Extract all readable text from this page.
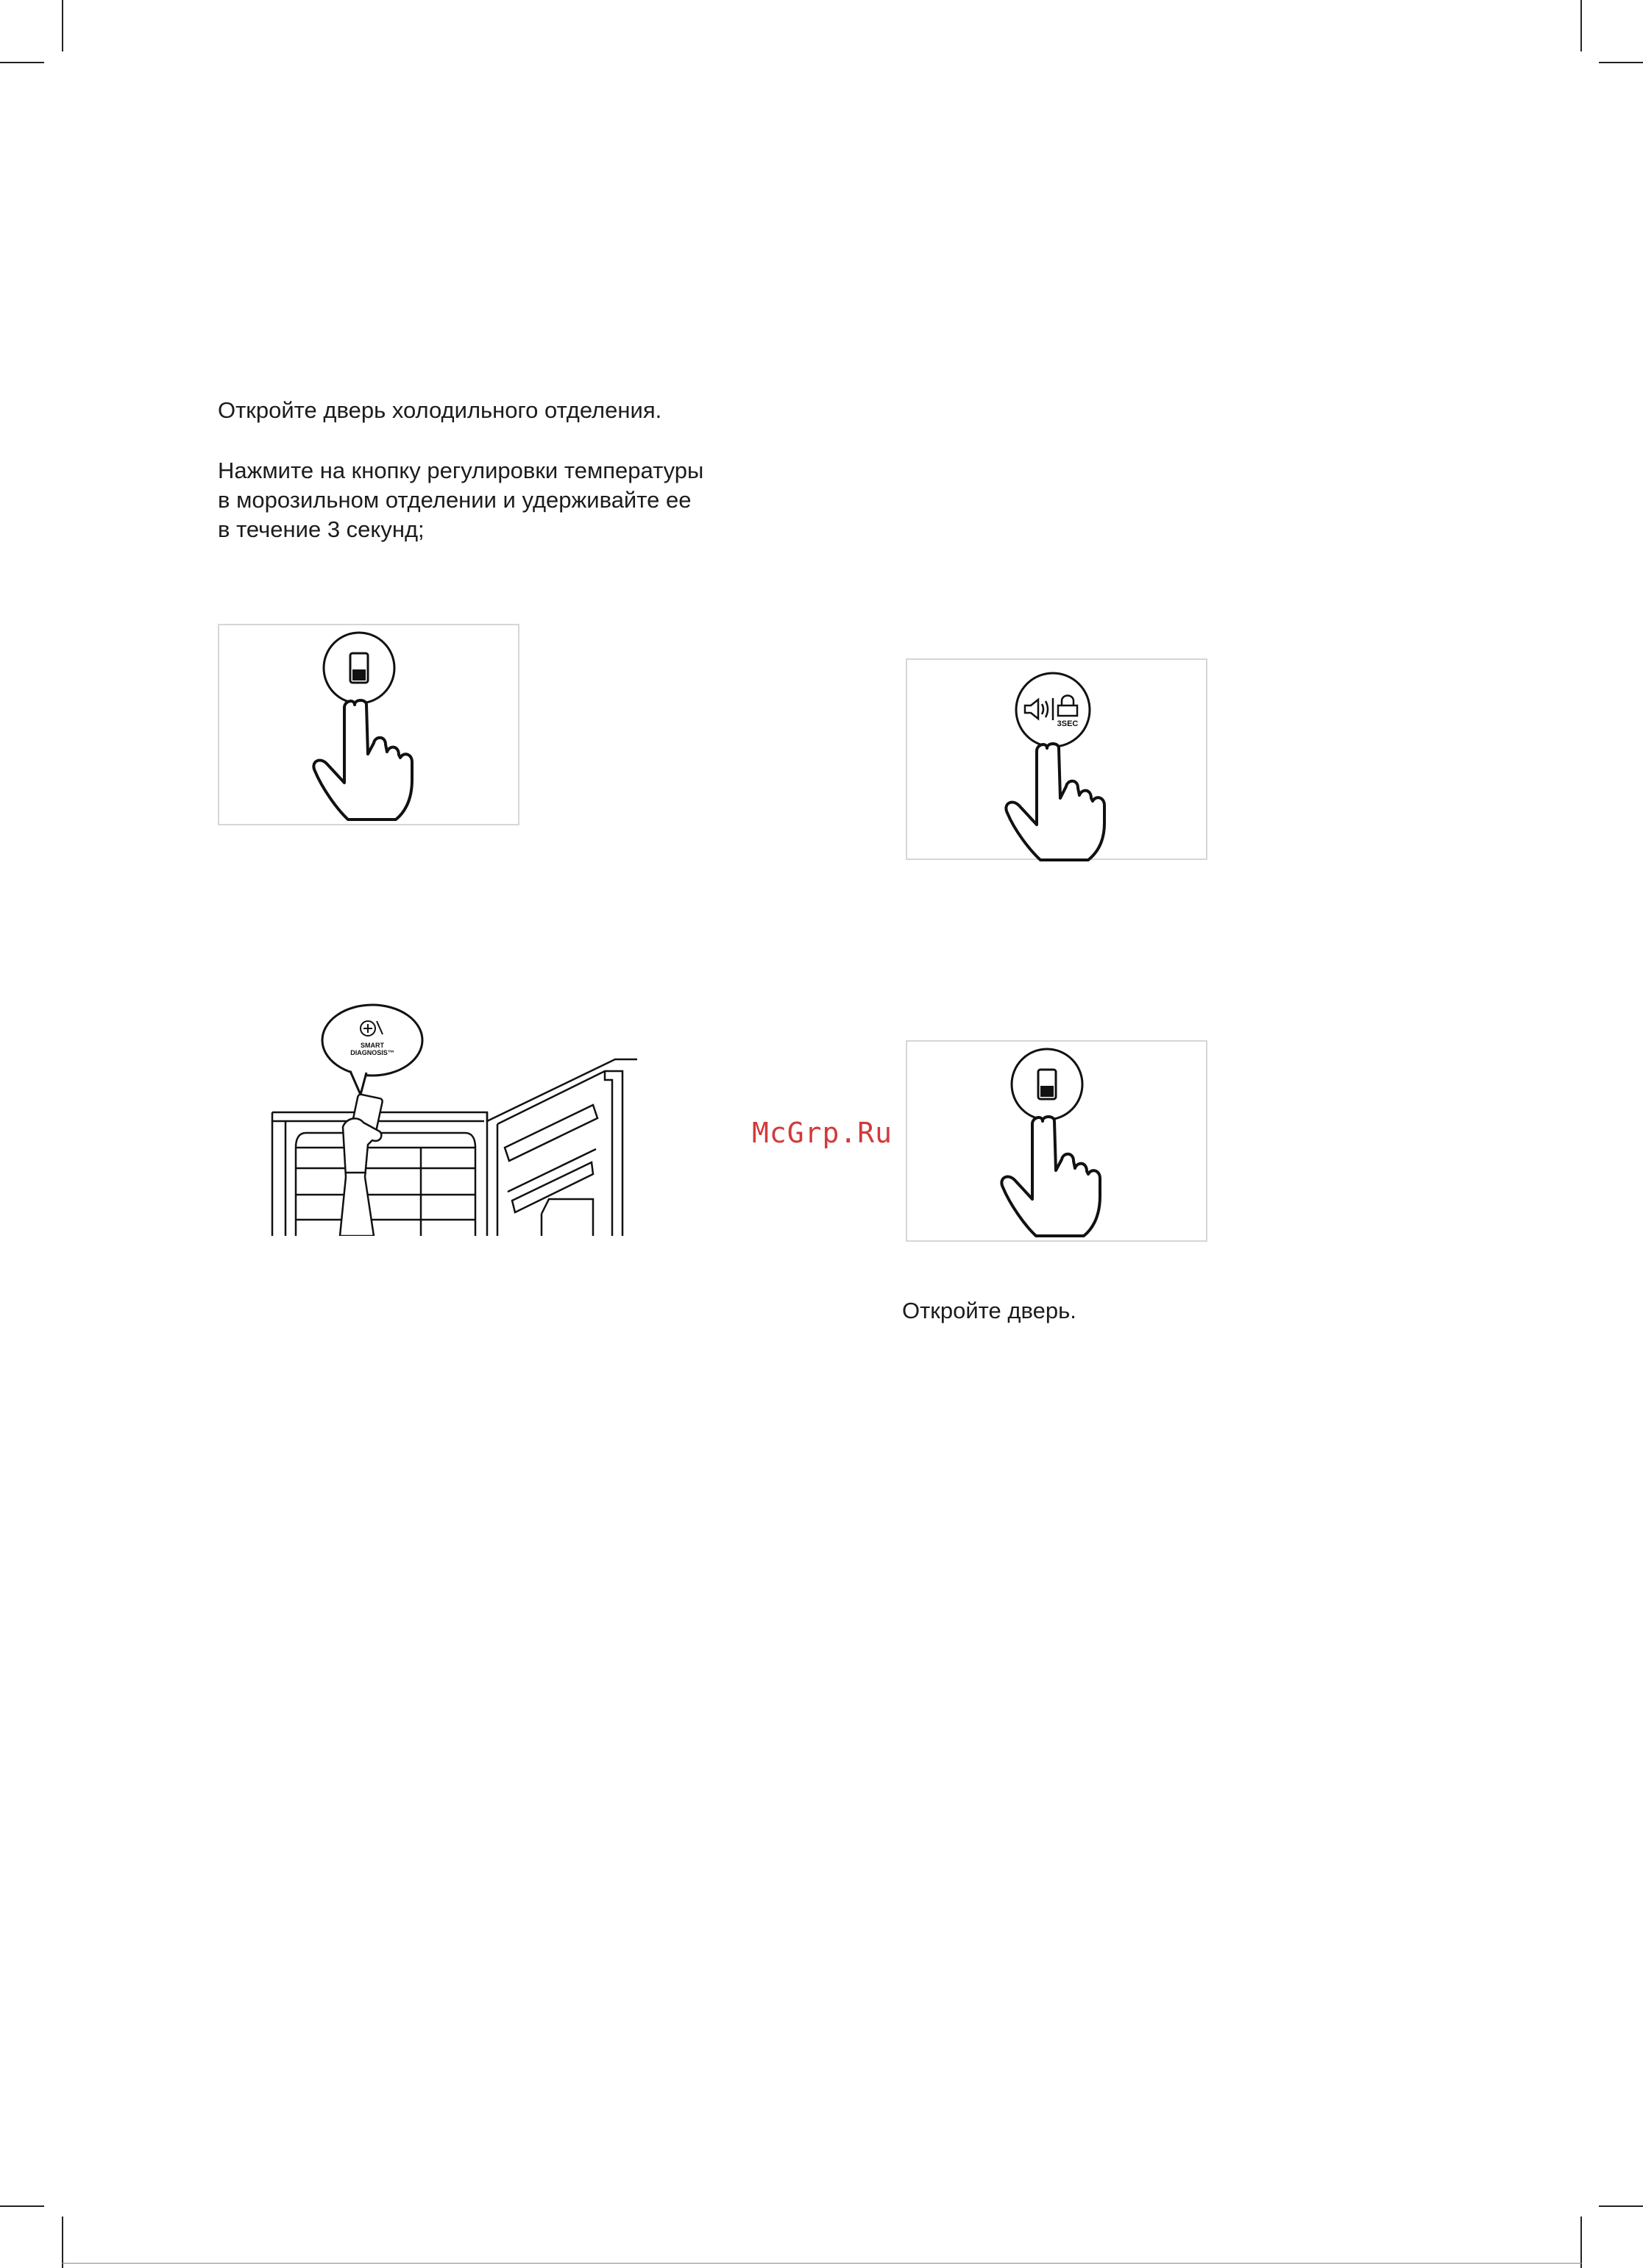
Откройте дверь холодильного отделения.
Нажмите на кнопку регулировки температуры
в морозильном отделении и удерживайте ее
в течение 3 секунд;
Откройте дверь.
3SEC
McGrp.Ru
SMART
DIAGNOSIS™
